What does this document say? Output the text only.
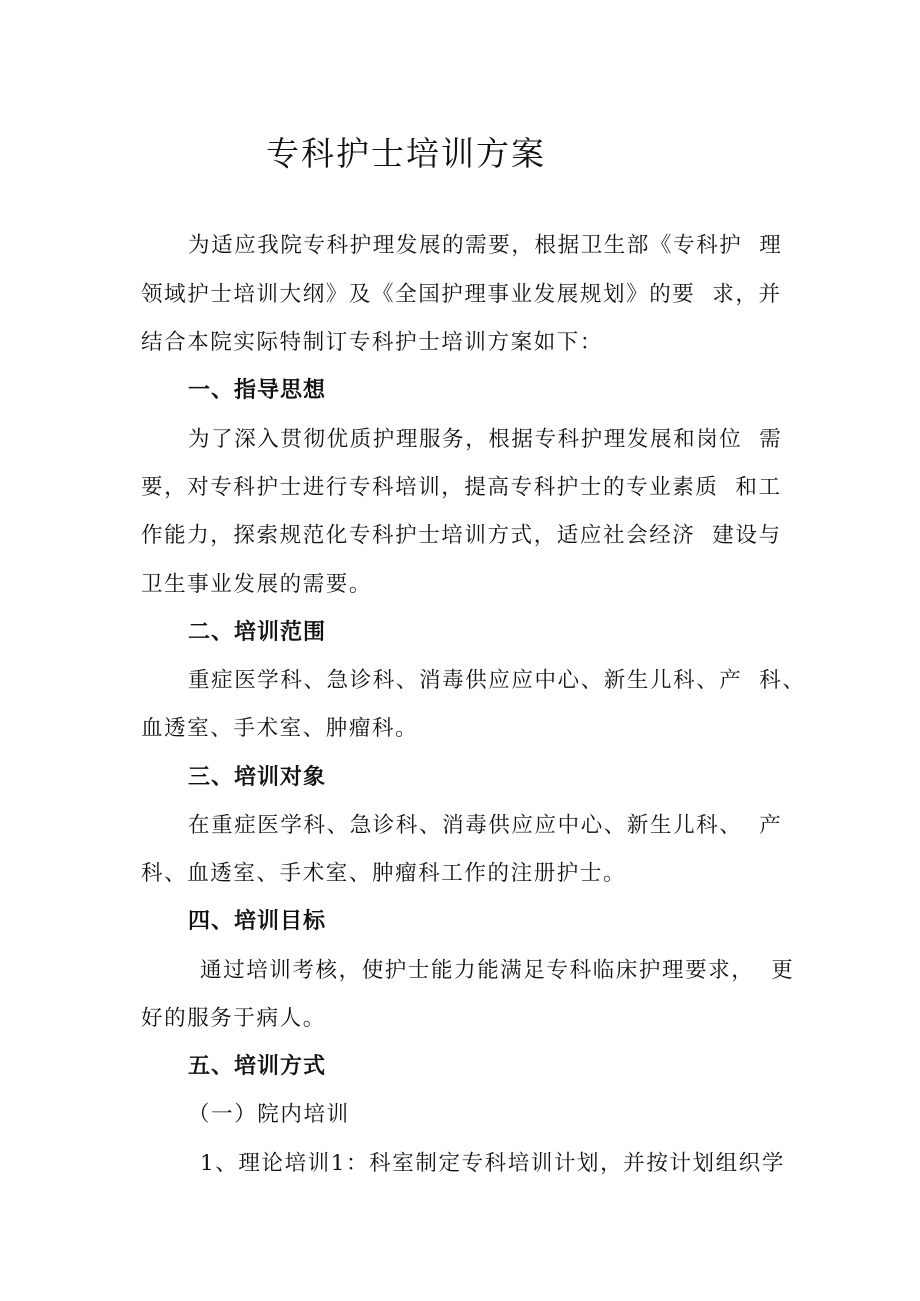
专科护士培训方案
为适应我院专科护理发展的需要，根据卫生部《专科护  理
领域护士培训大纲》及《全国护理事业发展规划》的要  求，并
结合本院实际特制订专科护士培训方案如下：
一、指导思想
为了深入贯彻优质护理服务，根据专科护理发展和岗位  需
要，对专科护士进行专科培训，提高专科护士的专业素质  和工
作能力，探索规范化专科护士培训方式，适应社会经济  建设与
卫生事业发展的需要。
二、培训范围
重症医学科、急诊科、消毒供应应中心、新生儿科、产  科、
血透室、手术室、肿瘤科。
三、培训对象
在重症医学科、急诊科、消毒供应应中心、新生儿科、  产
科、血透室、手术室、肿瘤科工作的注册护士。
四、培训目标
通过培训考核，使护士能力能满足专科临床护理要求，  更
好的服务于病人。
五、培训方式
（一）院内培训
1、理论培训1：科室制定专科培训计划，并按计划组织学
